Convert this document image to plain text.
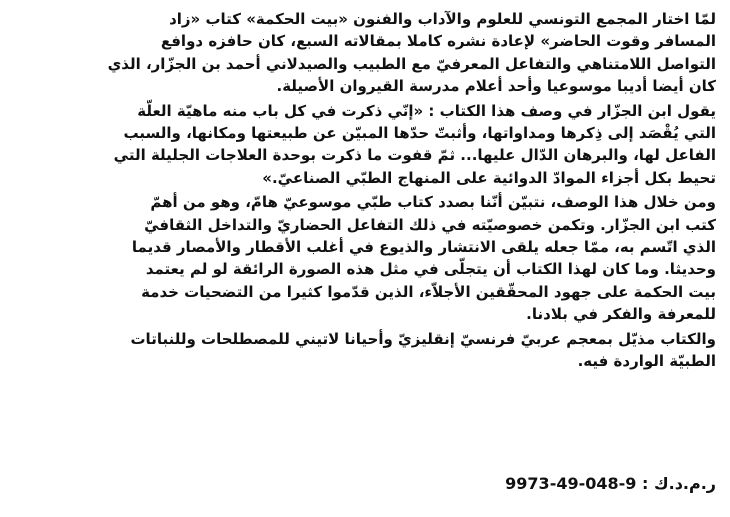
لمّا اختار المجمع التونسي للعلوم والآداب والفنون «بيت الحكمة» كتاب «زاد
المسافر وقوت الحاضر» لإعادة نشره كاملا بمقالاته السبع، كان حافزه دوافع
التواصل اللامتناهي والتفاعل المعرفيّ مع الطبيب والصيدلاني أحمد بن الجزّار، الذي
كان أيضا أديبا موسوعيا وأحد أعلام مدرسة القيروان الأصيلة.

يقول ابن الجزّار في وصف هذا الكتاب : «إنّي ذكرت في كل باب منه ماهيّة العلّة
التي يُقْصَد إلى ذِكرها ومداواتها، وأثبتّ حدّها المبيّن عن طبيعتها ومكانها، والسبب
الفاعل لها، والبرهان الدّال عليها... ثمّ قفوت ما ذكرت بوحدة العلاجات الجليلة التي
تحيط بكل أجزاء الموادّ الدوائية على المنهاج الطبّي الصناعيّ.»

ومن خلال هذا الوصف، نتبيّن أنّنا بصدد كتاب طبّي موسوعيّ هامّ، وهو من أهمّ
كتب ابن الجزّار. وتكمن خصوصيّته في ذلك التفاعل الحضاريّ والتداخل الثقافيّ
الذي اتّسم به، ممّا جعله يلقى الانتشار والذيوع في أغلب الأقطار والأمصار قديما
وحديثا. وما كان لهذا الكتاب أن يتجلّى في مثل هذه الصورة الرائقة لو لم يعتمد
بيت الحكمة على جهود المحقّقين الأجلاّء، الذين قدّموا كثيرا من التضحيات خدمة
للمعرفة والفكر في بلادنا.

والكتاب مذيّل بمعجم عربيّ فرنسيّ إنقليزيّ وأحيانا لاتيني للمصطلحات وللنباتات
الطبيّة الواردة فيه.

ر.م.د.ك : 9973-49-048-9
